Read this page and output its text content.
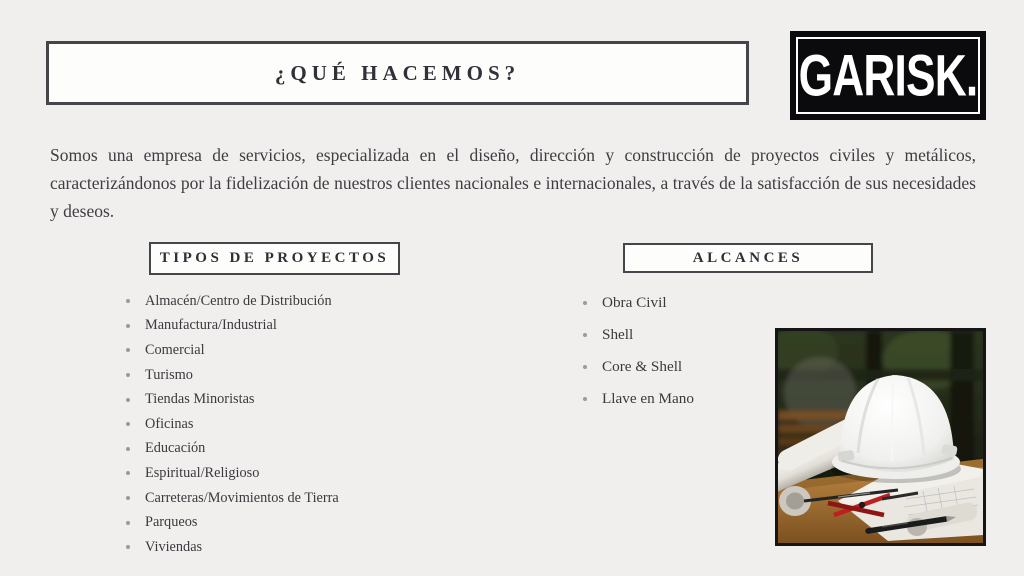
¿QUÉ HACEMOS?	GARISK.

Somos una empresa de servicios, especializada en el diseño, dirección y construcción de proyectos civiles y metálicos, caracterizándonos por la fidelización de nuestros clientes nacionales e internacionales, a través de la satisfacción de sus necesidades y deseos.

TIPOS DE PROYECTOS	ALCANCES
Almacén/Centro de Distribución
Manufactura/Industrial
Comercial
Turismo
Tiendas Minoristas
Oficinas
Educación
Espiritual/Religioso
Carreteras/Movimientos de Tierra
Parqueos
Viviendas
Obra Civil
Shell
Core & Shell
Llave en Mano
